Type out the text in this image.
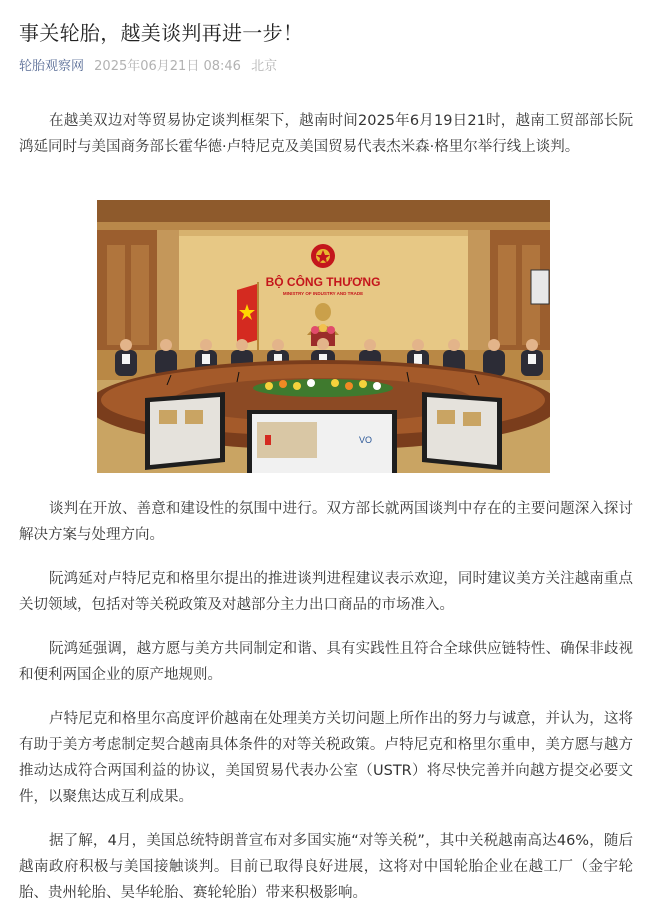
事关轮胎，越美谈判再进一步！
轮胎观察网 2025年06月21日 08:46 北京

在越美双边对等贸易协定谈判框架下，越南时间2025年6月19日21时，越南工贸部部长阮鸿延同时与美国商务部长霍华德·卢特尼克及美国贸易代表杰米森·格里尔举行线上谈判。

BỘ CÔNG THƯƠNG
MINISTRY OF INDUSTRY AND TRADE
VO

谈判在开放、善意和建设性的氛围中进行。双方部长就两国谈判中存在的主要问题深入探讨解决方案与处理方向。

阮鸿延对卢特尼克和格里尔提出的推进谈判进程建议表示欢迎，同时建议美方关注越南重点关切领域，包括对等关税政策及对越部分主力出口商品的市场准入。

阮鸿延强调，越方愿与美方共同制定和谐、具有实践性且符合全球供应链特性、确保非歧视和便利两国企业的原产地规则。

卢特尼克和格里尔高度评价越南在处理美方关切问题上所作出的努力与诚意，并认为，这将有助于美方考虑制定契合越南具体条件的对等关税政策。卢特尼克和格里尔重申，美方愿与越方推动达成符合两国利益的协议，美国贸易代表办公室（USTR）将尽快完善并向越方提交必要文件，以聚焦达成互利成果。

据了解，4月，美国总统特朗普宣布对多国实施“对等关税”，其中关税越南高达46%，随后越南政府积极与美国接触谈判。目前已取得良好进展，这将对中国轮胎企业在越工厂（金宇轮胎、贵州轮胎、昊华轮胎、赛轮轮胎）带来积极影响。
